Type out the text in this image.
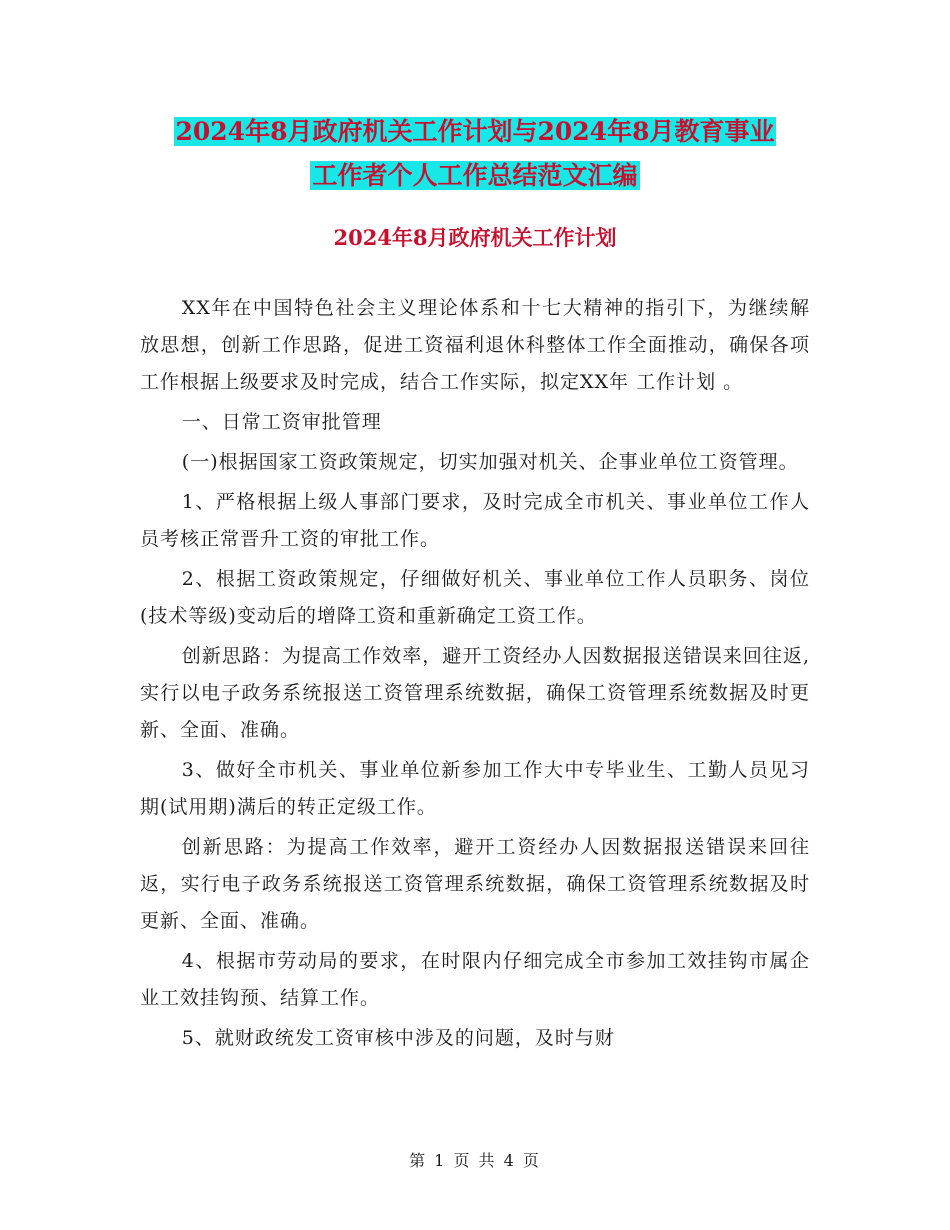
2024年8月政府机关工作计划与2024年8月教育事业
工作者个人工作总结范文汇编
2024年8月政府机关工作计划

XX年在中国特色社会主义理论体系和十七大精神的指引下，为继续解放思想，创新工作思路，促进工资福利退休科整体工作全面推动，确保各项工作根据上级要求及时完成，结合工作实际，拟定XX年 工作计划 。

一、日常工资审批管理

(一)根据国家工资政策规定，切实加强对机关、企事业单位工资管理。

1、严格根据上级人事部门要求，及时完成全市机关、事业单位工作人员考核正常晋升工资的审批工作。

2、根据工资政策规定，仔细做好机关、事业单位工作人员职务、岗位(技术等级)变动后的增降工资和重新确定工资工作。

创新思路：为提高工作效率，避开工资经办人因数据报送错误来回往返,实行以电子政务系统报送工资管理系统数据，确保工资管理系统数据及时更新、全面、准确。

3、做好全市机关、事业单位新参加工作大中专毕业生、工勤人员见习期(试用期)满后的转正定级工作。

创新思路：为提高工作效率，避开工资经办人因数据报送错误来回往返，实行电子政务系统报送工资管理系统数据，确保工资管理系统数据及时更新、全面、准确。

4、根据市劳动局的要求，在时限内仔细完成全市参加工效挂钩市属企业工效挂钩预、结算工作。

5、就财政统发工资审核中涉及的问题，及时与财

第 1 页 共 4 页
